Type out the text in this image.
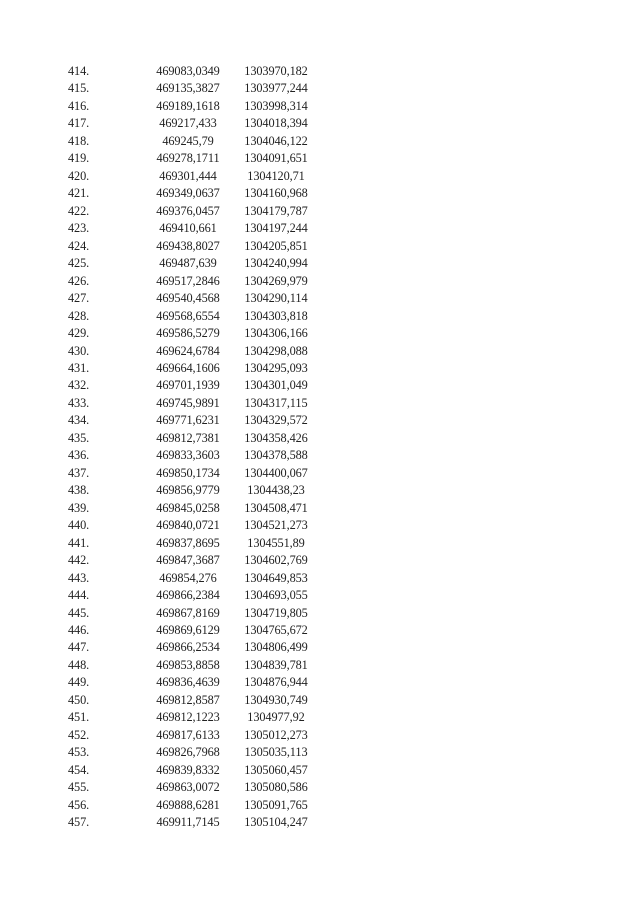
414.	469083,0349	1303970,182
415.	469135,3827	1303977,244
416.	469189,1618	1303998,314
417.	469217,433	1304018,394
418.	469245,79	1304046,122
419.	469278,1711	1304091,651
420.	469301,444	1304120,71
421.	469349,0637	1304160,968
422.	469376,0457	1304179,787
423.	469410,661	1304197,244
424.	469438,8027	1304205,851
425.	469487,639	1304240,994
426.	469517,2846	1304269,979
427.	469540,4568	1304290,114
428.	469568,6554	1304303,818
429.	469586,5279	1304306,166
430.	469624,6784	1304298,088
431.	469664,1606	1304295,093
432.	469701,1939	1304301,049
433.	469745,9891	1304317,115
434.	469771,6231	1304329,572
435.	469812,7381	1304358,426
436.	469833,3603	1304378,588
437.	469850,1734	1304400,067
438.	469856,9779	1304438,23
439.	469845,0258	1304508,471
440.	469840,0721	1304521,273
441.	469837,8695	1304551,89
442.	469847,3687	1304602,769
443.	469854,276	1304649,853
444.	469866,2384	1304693,055
445.	469867,8169	1304719,805
446.	469869,6129	1304765,672
447.	469866,2534	1304806,499
448.	469853,8858	1304839,781
449.	469836,4639	1304876,944
450.	469812,8587	1304930,749
451.	469812,1223	1304977,92
452.	469817,6133	1305012,273
453.	469826,7968	1305035,113
454.	469839,8332	1305060,457
455.	469863,0072	1305080,586
456.	469888,6281	1305091,765
457.	469911,7145	1305104,247
